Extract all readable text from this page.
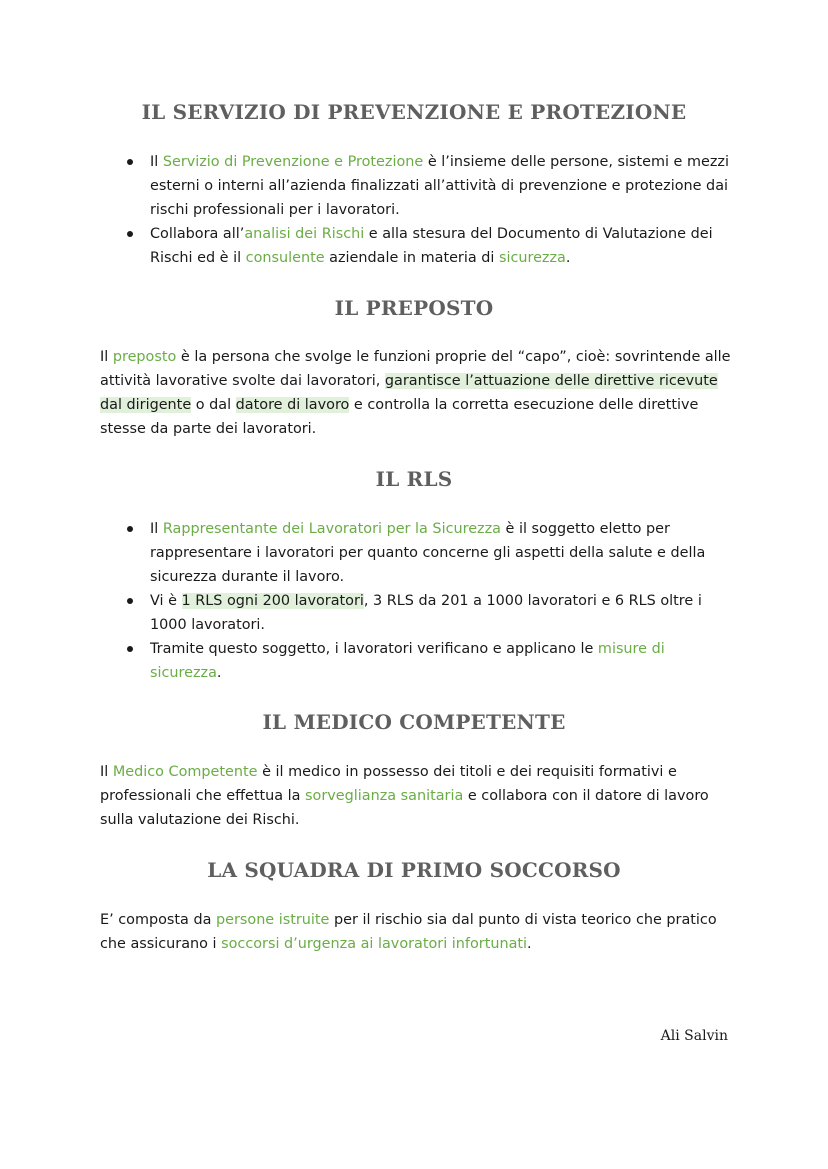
IL SERVIZIO DI PREVENZIONE E PROTEZIONE
Il Servizio di Prevenzione e Protezione è l’insieme delle persone, sistemi e mezzi esterni o interni all’azienda finalizzati all’attività di prevenzione e protezione dai rischi professionali per i lavoratori.
Collabora all’analisi dei Rischi e alla stesura del Documento di Valutazione dei Rischi ed è il consulente aziendale in materia di sicurezza.
IL PREPOSTO

Il preposto è la persona che svolge le funzioni proprie del “capo”, cioè: sovrintende alle attività lavorative svolte dai lavoratori, garantisce l’attuazione delle direttive ricevute dal dirigente o dal datore di lavoro e controlla la corretta esecuzione delle direttive stesse da parte dei lavoratori.

IL RLS
Il Rappresentante dei Lavoratori per la Sicurezza è il soggetto eletto per rappresentare i lavoratori per quanto concerne gli aspetti della salute e della sicurezza durante il lavoro.
Vi è 1 RLS ogni 200 lavoratori, 3 RLS da 201 a 1000 lavoratori e 6 RLS oltre i 1000 lavoratori.
Tramite questo soggetto, i lavoratori verificano e applicano le misure di sicurezza.
IL MEDICO COMPETENTE

Il Medico Competente è il medico in possesso dei titoli e dei requisiti formativi e professionali che effettua la sorveglianza sanitaria e collabora con il datore di lavoro sulla valutazione dei Rischi.

LA SQUADRA DI PRIMO SOCCORSO

E’ composta da persone istruite per il rischio sia dal punto di vista teorico che pratico che assicurano i soccorsi d’urgenza ai lavoratori infortunati.

Ali Salvin
